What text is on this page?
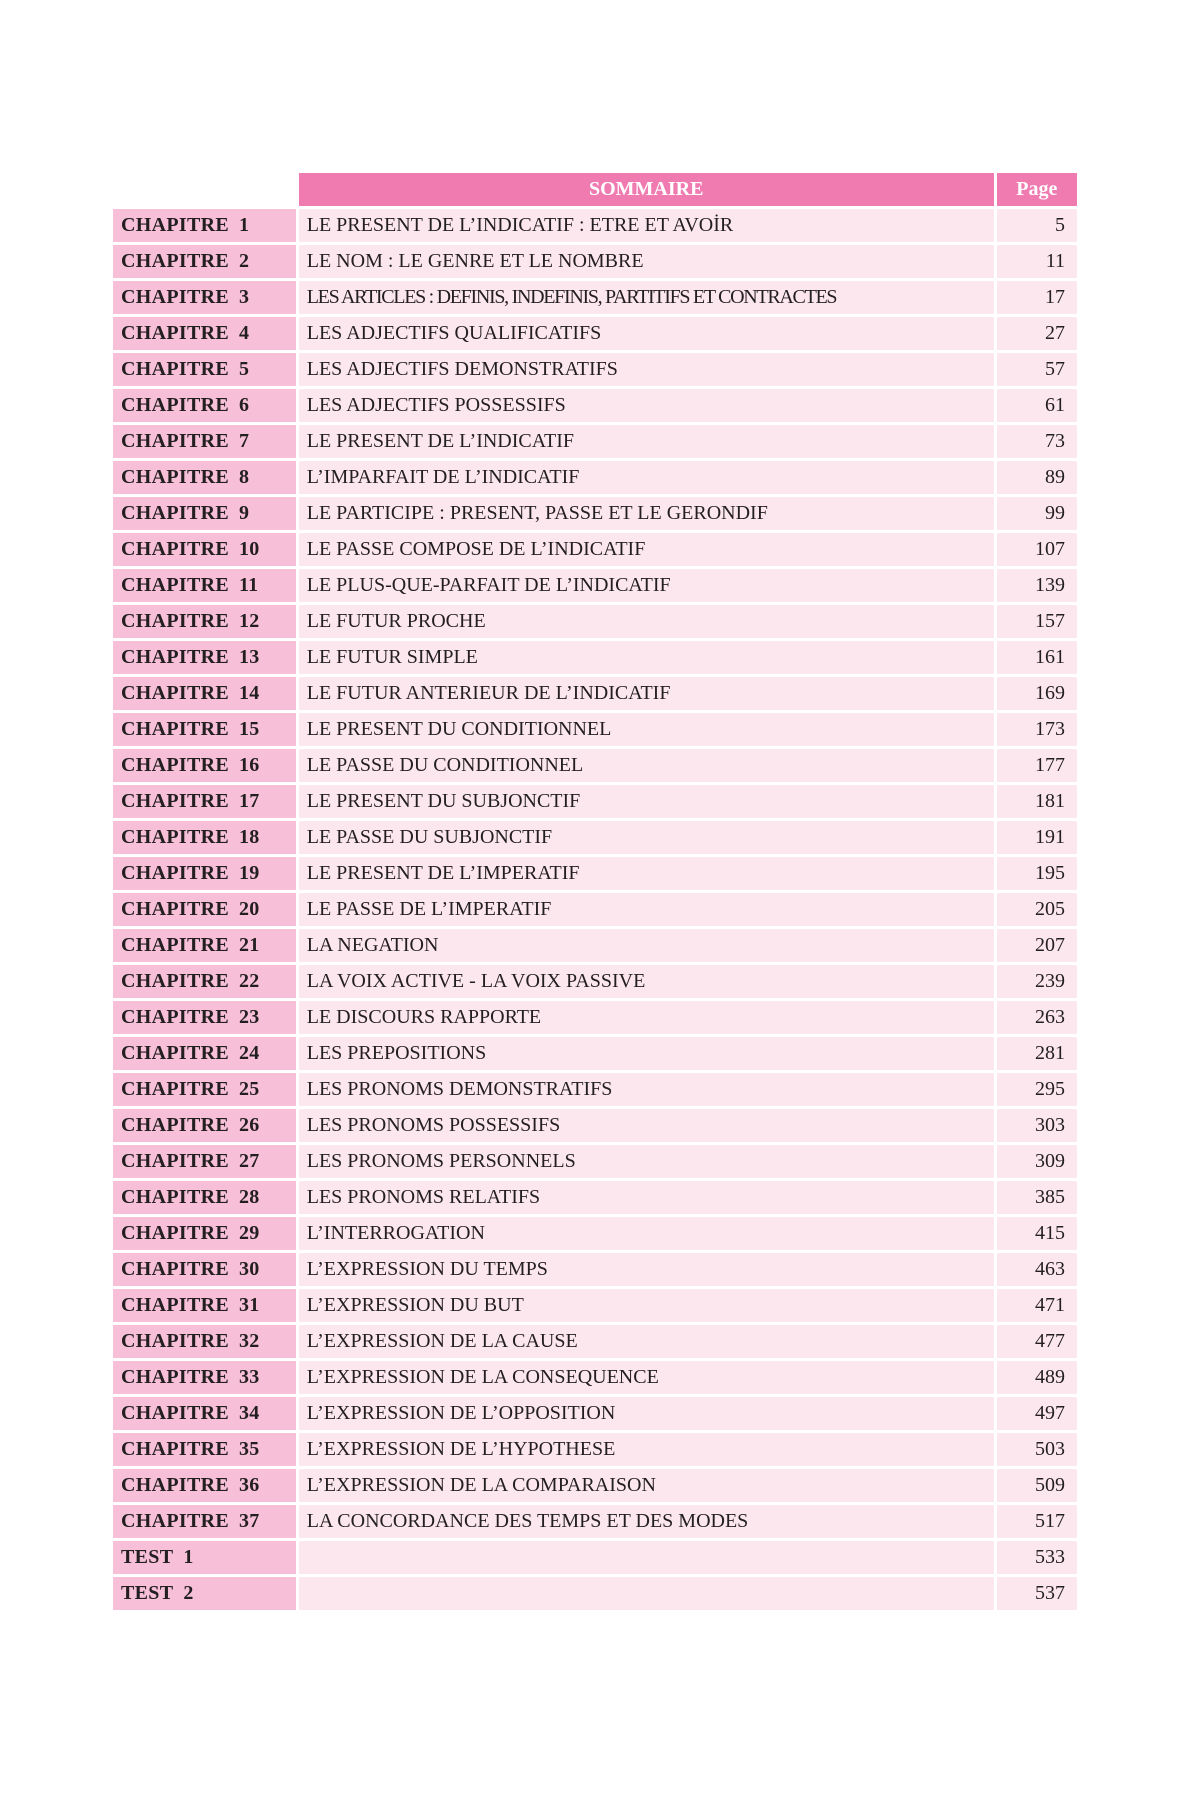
	SOMMAIRE	Page
CHAPITRE 1	LE PRESENT DE L’INDICATIF : ETRE ET AVOİR	5
CHAPITRE 2	LE NOM : LE GENRE ET LE NOMBRE	11
CHAPITRE 3	LES ARTICLES : DEFINIS, INDEFINIS, PARTITIFS ET CONTRACTES	17
CHAPITRE 4	LES ADJECTIFS QUALIFICATIFS	27
CHAPITRE 5	LES ADJECTIFS DEMONSTRATIFS	57
CHAPITRE 6	LES ADJECTIFS POSSESSIFS	61
CHAPITRE 7	LE PRESENT DE L’INDICATIF	73
CHAPITRE 8	L’IMPARFAIT DE L’INDICATIF	89
CHAPITRE 9	LE PARTICIPE : PRESENT, PASSE ET LE GERONDIF	99
CHAPITRE 10	LE PASSE COMPOSE DE L’INDICATIF	107
CHAPITRE 11	LE PLUS-QUE-PARFAIT DE L’INDICATIF	139
CHAPITRE 12	LE FUTUR PROCHE	157
CHAPITRE 13	LE FUTUR SIMPLE	161
CHAPITRE 14	LE FUTUR ANTERIEUR DE L’INDICATIF	169
CHAPITRE 15	LE PRESENT DU CONDITIONNEL	173
CHAPITRE 16	LE PASSE DU CONDITIONNEL	177
CHAPITRE 17	LE PRESENT DU SUBJONCTIF	181
CHAPITRE 18	LE PASSE DU SUBJONCTIF	191
CHAPITRE 19	LE PRESENT DE L’IMPERATIF	195
CHAPITRE 20	LE PASSE DE L’IMPERATIF	205
CHAPITRE 21	LA NEGATION	207
CHAPITRE 22	LA VOIX ACTIVE - LA VOIX PASSIVE	239
CHAPITRE 23	LE DISCOURS RAPPORTE	263
CHAPITRE 24	LES PREPOSITIONS	281
CHAPITRE 25	LES PRONOMS DEMONSTRATIFS	295
CHAPITRE 26	LES PRONOMS POSSESSIFS	303
CHAPITRE 27	LES PRONOMS PERSONNELS	309
CHAPITRE 28	LES PRONOMS RELATIFS	385
CHAPITRE 29	L’INTERROGATION	415
CHAPITRE 30	L’EXPRESSION DU TEMPS	463
CHAPITRE 31	L’EXPRESSION DU BUT	471
CHAPITRE 32	L’EXPRESSION DE LA CAUSE	477
CHAPITRE 33	L’EXPRESSION DE LA CONSEQUENCE	489
CHAPITRE 34	L’EXPRESSION DE L’OPPOSITION	497
CHAPITRE 35	L’EXPRESSION DE L’HYPOTHESE	503
CHAPITRE 36	L’EXPRESSION DE LA COMPARAISON	509
CHAPITRE 37	LA CONCORDANCE DES TEMPS ET DES MODES	517
TEST 1		533
TEST 2		537
